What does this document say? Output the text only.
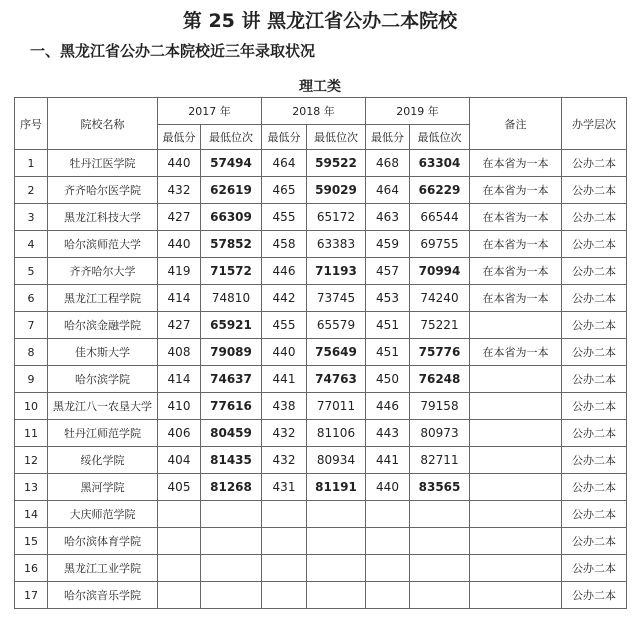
第 25 讲 黑龙江省公办二本院校
一、黑龙江省公办二本院校近三年录取状况
理工类
序号	院校名称	2017 年		2018 年		2019 年		备注	办学层次
		最低分	最低位次	最低分	最低位次	最低分	最低位次		
1	牡丹江医学院	440	57494	464	59522	468	63304	在本省为一本	公办二本
2	齐齐哈尔医学院	432	62619	465	59029	464	66229	在本省为一本	公办二本
3	黑龙江科技大学	427	66309	455	65172	463	66544	在本省为一本	公办二本
4	哈尔滨师范大学	440	57852	458	63383	459	69755	在本省为一本	公办二本
5	齐齐哈尔大学	419	71572	446	71193	457	70994	在本省为一本	公办二本
6	黑龙江工程学院	414	74810	442	73745	453	74240	在本省为一本	公办二本
7	哈尔滨金融学院	427	65921	455	65579	451	75221		公办二本
8	佳木斯大学	408	79089	440	75649	451	75776	在本省为一本	公办二本
9	哈尔滨学院	414	74637	441	74763	450	76248		公办二本
10	黑龙江八一农垦大学	410	77616	438	77011	446	79158		公办二本
11	牡丹江师范学院	406	80459	432	81106	443	80973		公办二本
12	绥化学院	404	81435	432	80934	441	82711		公办二本
13	黑河学院	405	81268	431	81191	440	83565		公办二本
14	大庆师范学院								公办二本
15	哈尔滨体育学院								公办二本
16	黑龙江工业学院								公办二本
17	哈尔滨音乐学院								公办二本
